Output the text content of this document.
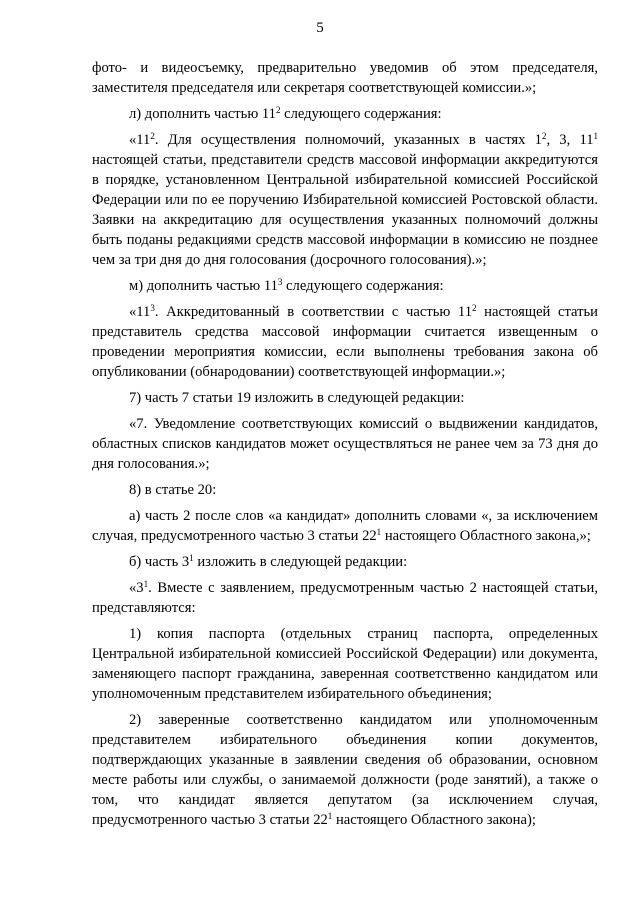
5

фото- и видеосъемку, предварительно уведомив об этом председателя, заместителя председателя или секретаря соответствующей комиссии.»;

л) дополнить частью $11^2$ следующего содержания:

«$11^2$. Для осуществления полномочий, указанных в частях $1^2$, 3, $11^1$ настоящей статьи, представители средств массовой информации аккредитуются в порядке, установленном Центральной избирательной комиссией Российской Федерации или по ее поручению Избирательной комиссией Ростовской области. Заявки на аккредитацию для осуществления указанных полномочий должны быть поданы редакциями средств массовой информации в комиссию не позднее чем за три дня до дня голосования (досрочного голосования).»;

м) дополнить частью $11^3$ следующего содержания:

«$11^3$. Аккредитованный в соответствии с частью $11^2$ настоящей статьи представитель средства массовой информации считается извещенным о проведении мероприятия комиссии, если выполнены требования закона об опубликовании (обнародовании) соответствующей информации.»;

7) часть 7 статьи 19 изложить в следующей редакции:

«7. Уведомление соответствующих комиссий о выдвижении кандидатов, областных списков кандидатов может осуществляться не ранее чем за 73 дня до дня голосования.»;

8) в статье 20:

а) часть 2 после слов «а кандидат» дополнить словами «, за исключением случая, предусмотренного частью 3 статьи $22^1$ настоящего Областного закона,»;

б) часть $3^1$ изложить в следующей редакции:

«$3^1$. Вместе с заявлением, предусмотренным частью 2 настоящей статьи, представляются:

1) копия паспорта (отдельных страниц паспорта, определенных Центральной избирательной комиссией Российской Федерации) или документа, заменяющего паспорт гражданина, заверенная соответственно кандидатом или уполномоченным представителем избирательного объединения;

2) заверенные соответственно кандидатом или уполномоченным представителем избирательного объединения копии документов, подтверждающих указанные в заявлении сведения об образовании, основном месте работы или службы, о занимаемой должности (роде занятий), а также о том, что кандидат является депутатом (за исключением случая, предусмотренного частью 3 статьи $22^1$ настоящего Областного закона);
